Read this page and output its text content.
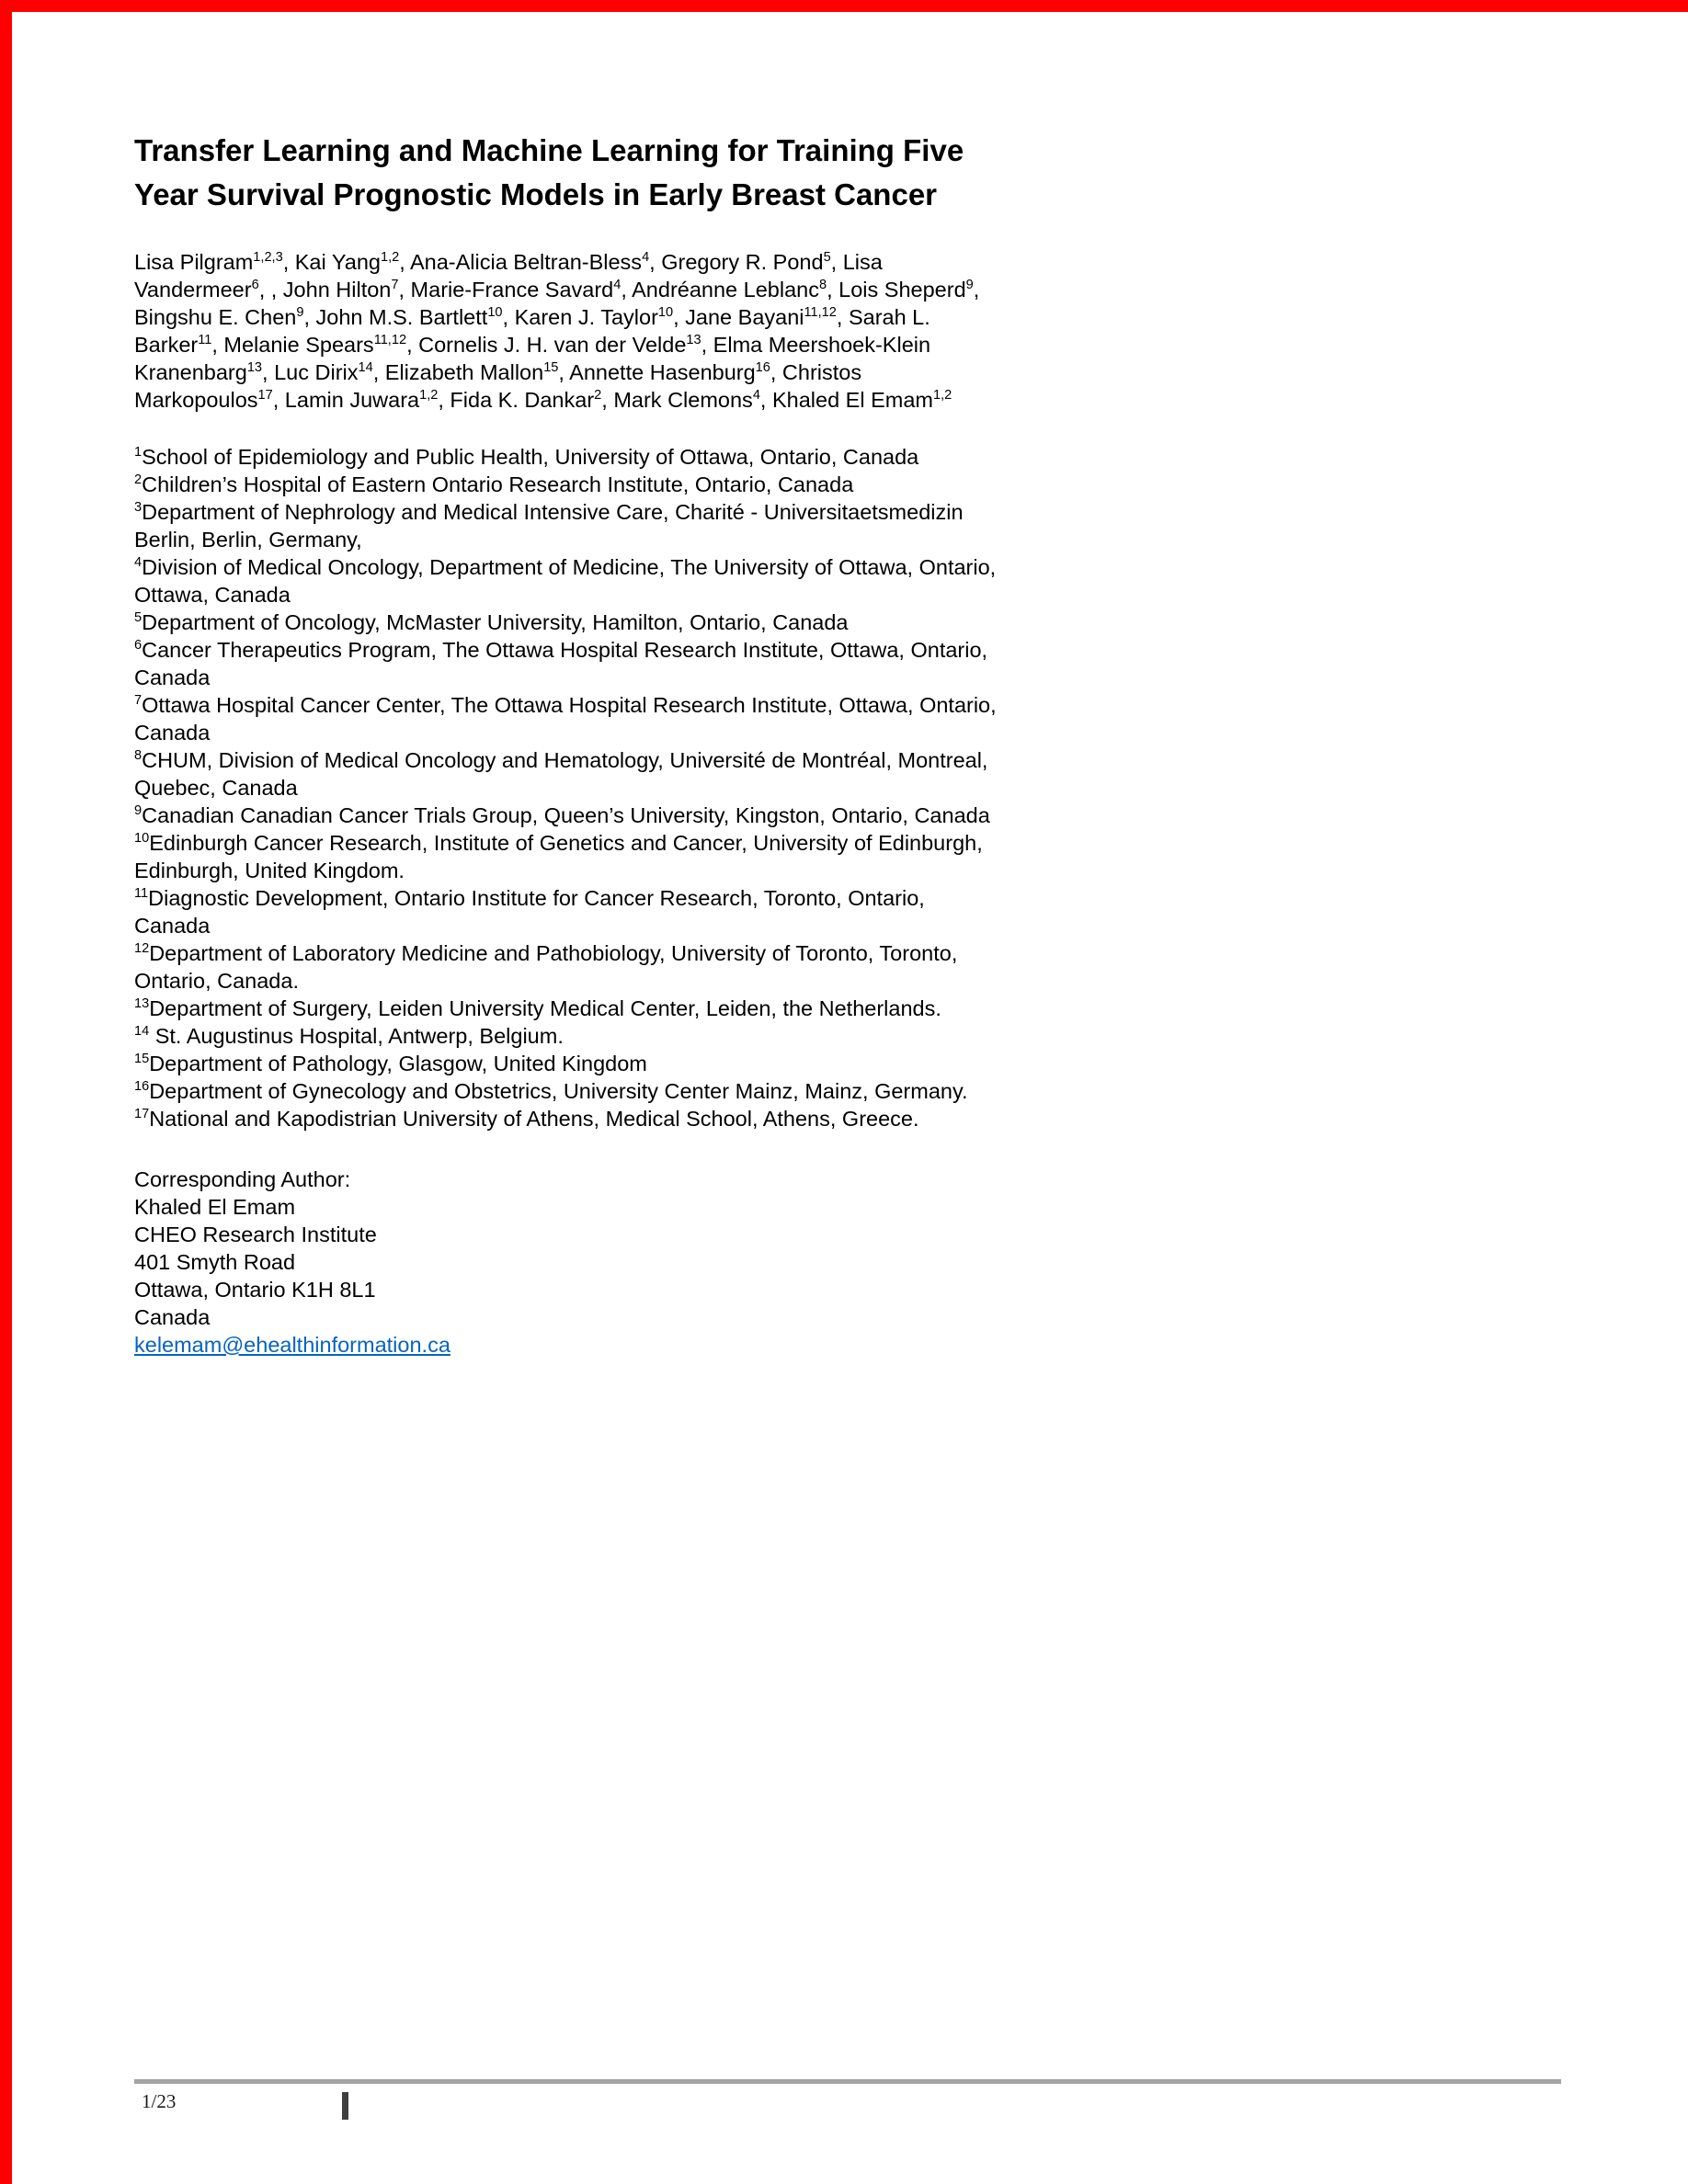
Transfer Learning and Machine Learning for Training Five Year Survival Prognostic Models in Early Breast Cancer

Lisa Pilgram$^{1,2,3}$, Kai Yang$^{1,2}$, Ana-Alicia Beltran-Bless$^4$, Gregory R. Pond$^5$, Lisa Vandermeer$^6$, , John Hilton$^7$, Marie-France Savard$^4$, Andréanne Leblanc$^8$, Lois Sheperd$^9$, Bingshu E. Chen$^9$, John M.S. Bartlett$^{10}$, Karen J. Taylor$^{10}$, Jane Bayani$^{11,12}$, Sarah L. Barker$^{11}$, Melanie Spears$^{11,12}$, Cornelis J. H. van der Velde$^{13}$, Elma Meershoek-Klein Kranenbarg$^{13}$, Luc Dirix$^{14}$, Elizabeth Mallon$^{15}$, Annette Hasenburg$^{16}$, Christos Markopoulos$^{17}$, Lamin Juwara$^{1,2}$, Fida K. Dankar$^2$, Mark Clemons$^4$, Khaled El Emam$^{1,2}$

$^1$School of Epidemiology and Public Health, University of Ottawa, Ontario, Canada
$^2$Children’s Hospital of Eastern Ontario Research Institute, Ontario, Canada
$^3$Department of Nephrology and Medical Intensive Care, Charité - Universitaetsmedizin Berlin, Berlin, Germany,
$^4$Division of Medical Oncology, Department of Medicine, The University of Ottawa, Ontario, Ottawa, Canada
$^5$Department of Oncology, McMaster University, Hamilton, Ontario, Canada
$^6$Cancer Therapeutics Program, The Ottawa Hospital Research Institute, Ottawa, Ontario, Canada
$^7$Ottawa Hospital Cancer Center, The Ottawa Hospital Research Institute, Ottawa, Ontario, Canada
$^8$CHUM, Division of Medical Oncology and Hematology, Université de Montréal, Montreal, Quebec, Canada
$^9$Canadian Canadian Cancer Trials Group, Queen’s University, Kingston, Ontario, Canada
$^{10}$Edinburgh Cancer Research, Institute of Genetics and Cancer, University of Edinburgh, Edinburgh, United Kingdom.
$^{11}$Diagnostic Development, Ontario Institute for Cancer Research, Toronto, Ontario, Canada
$^{12}$Department of Laboratory Medicine and Pathobiology, University of Toronto, Toronto, Ontario, Canada.
$^{13}$Department of Surgery, Leiden University Medical Center, Leiden, the Netherlands.
$^{14}$ St. Augustinus Hospital, Antwerp, Belgium.
$^{15}$Department of Pathology, Glasgow, United Kingdom
$^{16}$Department of Gynecology and Obstetrics, University Center Mainz, Mainz, Germany.
$^{17}$National and Kapodistrian University of Athens, Medical School, Athens, Greece.
Corresponding Author:
Khaled El Emam
CHEO Research Institute
401 Smyth Road
Ottawa, Ontario K1H 8L1
Canada
kelemam@ehealthinformation.ca
1/23
